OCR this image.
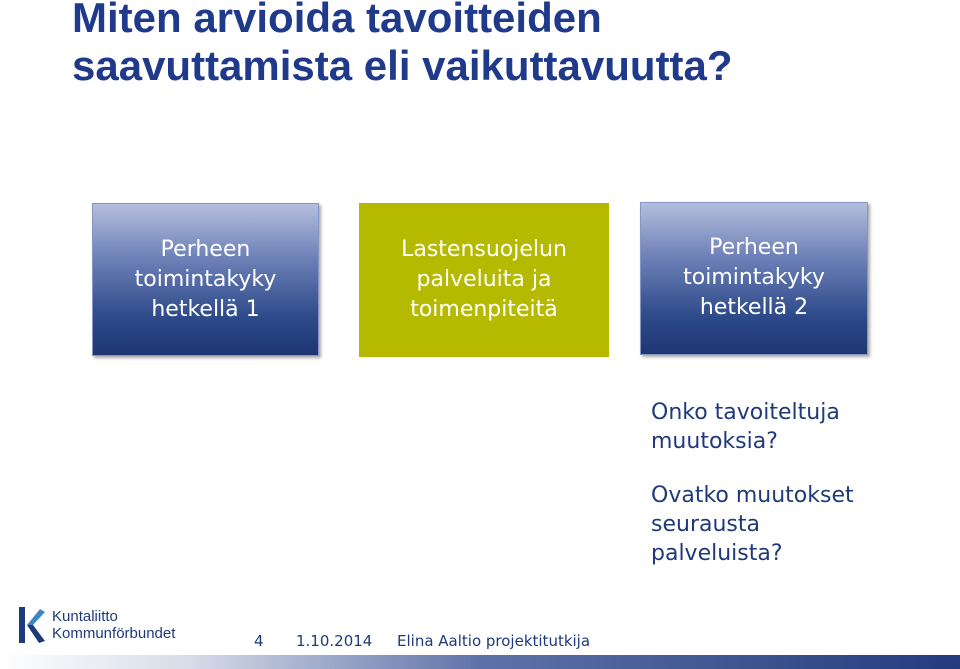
Miten arvioida tavoitteiden
saavuttamista eli vaikuttavuutta?
Perheen
toimintakyky
hetkellä 1
Lastensuojelun
palveluita ja
toimenpiteitä
Perheen
toimintakyky
hetkellä 2
Onko tavoiteltuja
muutoksia?
Ovatko muutokset
seurausta
palveluista?
Kuntaliitto
Kommunförbundet	4 1.10.2014 Elina Aaltio projektitutkija
